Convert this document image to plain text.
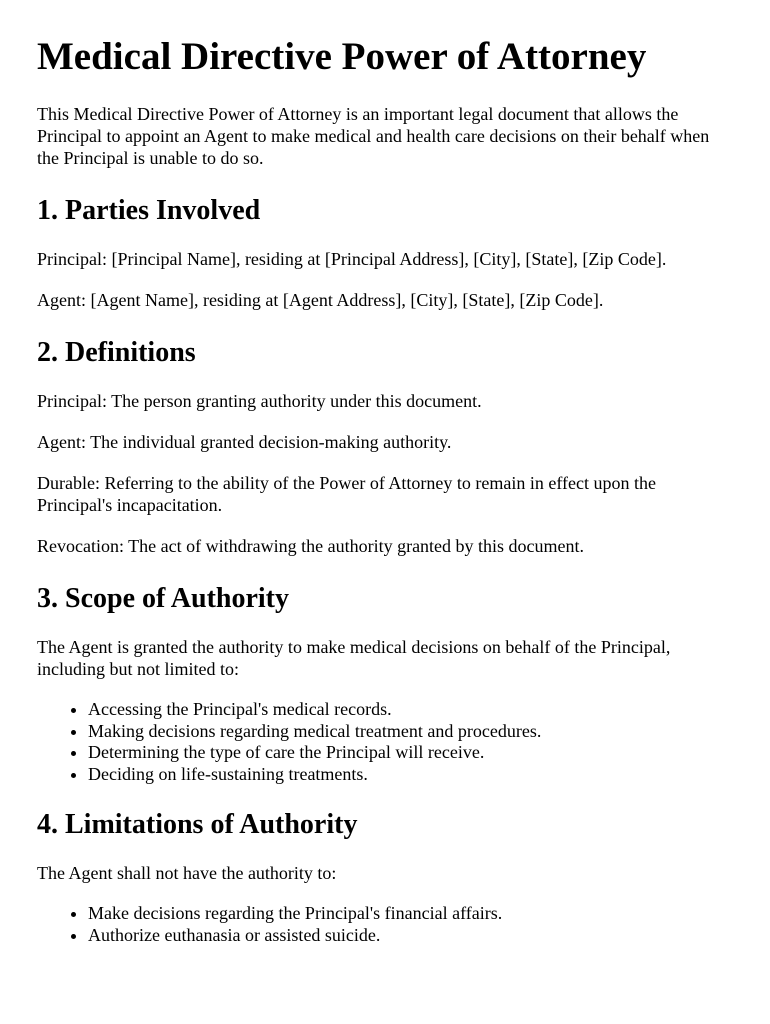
Medical Directive Power of Attorney

This Medical Directive Power of Attorney is an important legal document that allows the Principal to appoint an Agent to make medical and health care decisions on their behalf when the Principal is unable to do so.

1. Parties Involved

Principal: [Principal Name], residing at [Principal Address], [City], [State], [Zip Code].

Agent: [Agent Name], residing at [Agent Address], [City], [State], [Zip Code].

2. Definitions

Principal: The person granting authority under this document.

Agent: The individual granted decision-making authority.

Durable: Referring to the ability of the Power of Attorney to remain in effect upon the Principal's incapacitation.

Revocation: The act of withdrawing the authority granted by this document.

3. Scope of Authority

The Agent is granted the authority to make medical decisions on behalf of the Principal, including but not limited to:

• Accessing the Principal's medical records.
• Making decisions regarding medical treatment and procedures.
• Determining the type of care the Principal will receive.
• Deciding on life-sustaining treatments.
4. Limitations of Authority

The Agent shall not have the authority to:

• Make decisions regarding the Principal's financial affairs.
• Authorize euthanasia or assisted suicide.
